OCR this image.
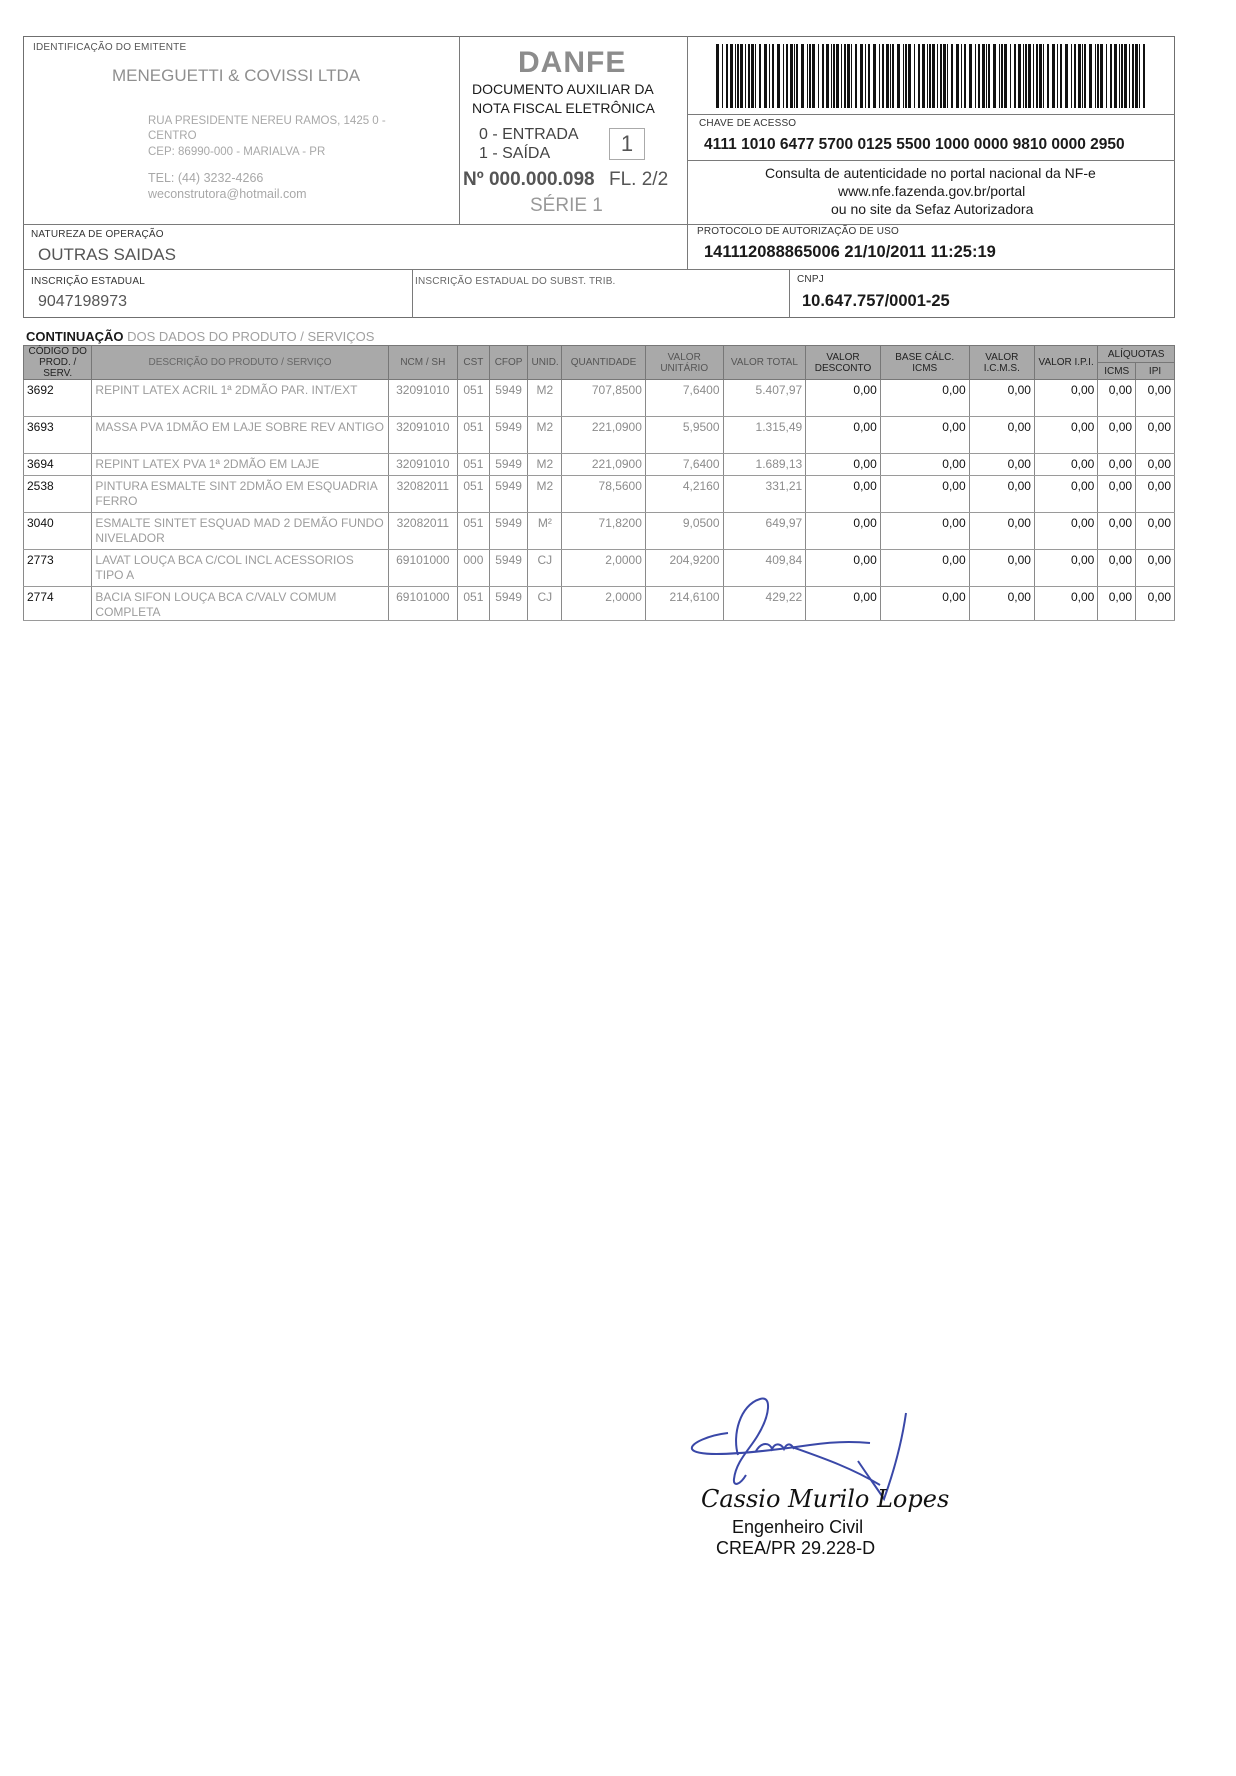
IDENTIFICAÇÃO DO EMITENTE
MENEGUETTI & COVISSI LTDA
RUA PRESIDENTE NEREU RAMOS, 1425 0 -
CENTRO
CEP: 86990-000 - MARIALVA - PR
TEL: (44) 3232-4266
weconstrutora@hotmail.com
DANFE
DOCUMENTO AUXILIAR DA
NOTA FISCAL ELETRÔNICA
0 - ENTRADA
1 - SAÍDA	1
Nº 000.000.098 FL. 2/2
SÉRIE 1
CHAVE DE ACESSO
4111 1010 6477 5700 0125 5500 1000 0000 9810 0000 2950
Consulta de autenticidade no portal nacional da NF-e
www.nfe.fazenda.gov.br/portal
ou no site da Sefaz Autorizadora
NATUREZA DE OPERAÇÃO
OUTRAS SAIDAS
PROTOCOLO DE AUTORIZAÇÃO DE USO
141112088865006 21/10/2011 11:25:19
INSCRIÇÃO ESTADUAL
9047198973
INSCRIÇÃO ESTADUAL DO SUBST. TRIB.	CNPJ
10.647.757/0001-25
CONTINUAÇÃO DOS DADOS DO PRODUTO / SERVIÇOS
CÓDIGO DO PROD. / SERV.	DESCRIÇÃO DO PRODUTO / SERVIÇO	NCM / SH	CST	CFOP	UNID.	QUANTIDADE	VALOR UNITÁRIO	VALOR TOTAL	VALOR DESCONTO	BASE CÁLC. ICMS	VALOR I.C.M.S.	VALOR I.P.I.	ALÍQUOTAS	
													ICMS	IPI
3692	REPINT LATEX ACRIL 1ª 2DMÃO PAR. INT/EXT	32091010	051	5949	M2	707,8500	7,6400	5.407,97	0,00	0,00	0,00	0,00	0,00	0,00
3693	MASSA PVA 1DMÃO EM LAJE SOBRE REV ANTIGO	32091010	051	5949	M2	221,0900	5,9500	1.315,49	0,00	0,00	0,00	0,00	0,00	0,00
3694	REPINT LATEX PVA 1ª 2DMÃO EM LAJE	32091010	051	5949	M2	221,0900	7,6400	1.689,13	0,00	0,00	0,00	0,00	0,00	0,00
2538	PINTURA ESMALTE SINT 2DMÃO EM ESQUADRIA FERRO	32082011	051	5949	M2	78,5600	4,2160	331,21	0,00	0,00	0,00	0,00	0,00	0,00
3040	ESMALTE SINTET ESQUAD MAD 2 DEMÃO FUNDO NIVELADOR	32082011	051	5949	M²	71,8200	9,0500	649,97	0,00	0,00	0,00	0,00	0,00	0,00
2773	LAVAT LOUÇA BCA C/COL INCL ACESSORIOS TIPO A	69101000	000	5949	CJ	2,0000	204,9200	409,84	0,00	0,00	0,00	0,00	0,00	0,00
2774	BACIA SIFON LOUÇA BCA C/VALV COMUM COMPLETA	69101000	051	5949	CJ	2,0000	214,6100	429,22	0,00	0,00	0,00	0,00	0,00	0,00
Cassio Murilo Lopes
Engenheiro Civil
CREA/PR 29.228-D
